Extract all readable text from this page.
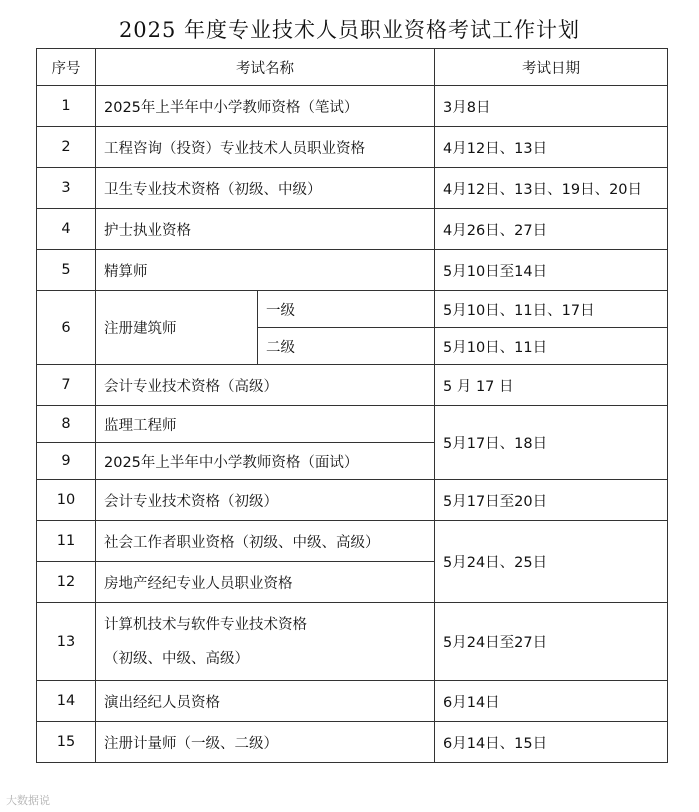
2025 年度专业技术人员职业资格考试工作计划
序号	考试名称		考试日期
1	2025年上半年中小学教师资格（笔试）		3月8日
2	工程咨询（投资）专业技术人员职业资格		4月12日、13日
3	卫生专业技术资格（初级、中级）		4月12日、13日、19日、20日
4	护士执业资格		4月26日、27日
5	精算师		5月10日至14日
6	注册建筑师	一级	5月10日、11日、17日
		二级	5月10日、11日
7	会计专业技术资格（高级）		5 月 17 日
8	监理工程师		5月17日、18日
9	2025年上半年中小学教师资格（面试）		
10	会计专业技术资格（初级）		5月17日至20日
11	社会工作者职业资格（初级、中级、高级）		5月24日、25日
12	房地产经纪专业人员职业资格		
13	计算机技术与软件专业技术资格
（初级、中级、高级）		5月24日至27日
14	演出经纪人员资格		6月14日
15	注册计量师（一级、二级）		6月14日、15日
大数据说
